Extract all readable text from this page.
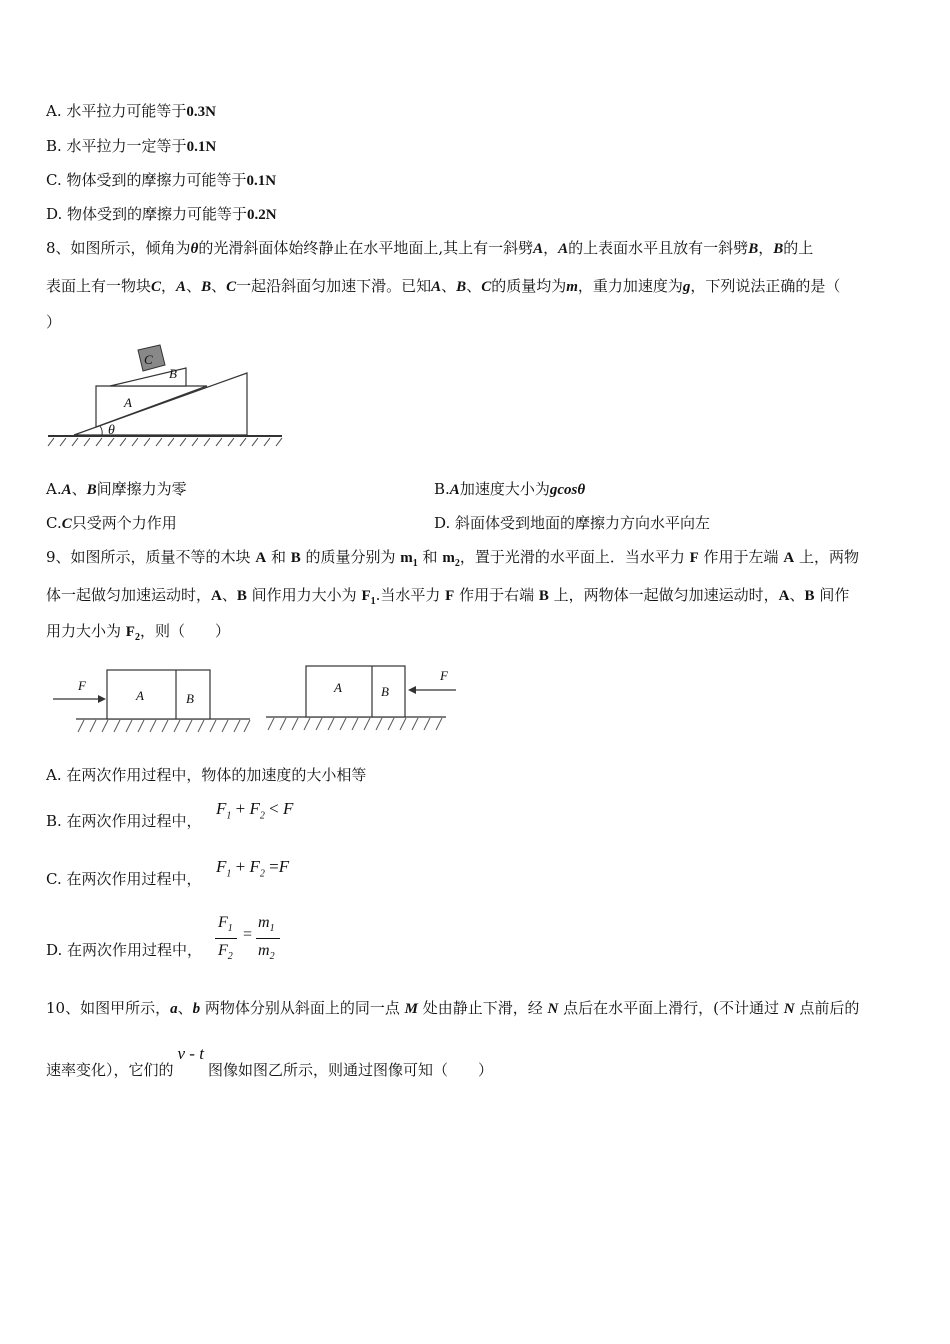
A. 水平拉力可能等于0.3N
B. 水平拉力一定等于0.1N
C. 物体受到的摩擦力可能等于0.1N
D. 物体受到的摩擦力可能等于0.2N
8、如图所示，倾角为θ的光滑斜面体始终静止在水平地面上,其上有一斜劈A，A的上表面水平且放有一斜劈B，B的上
表面上有一物块C，A、B、C一起沿斜面匀加速下滑。已知A、B、C的质量均为m，重力加速度为g，下列说法正确的是（
）
C
B
A
θ
A.A、B间摩擦力为零	B.A加速度大小为gcosθ
C.C只受两个力作用	D. 斜面体受到地面的摩擦力方向水平向左
9、如图所示，质量不等的木块 A 和 B 的质量分别为 $m_1$ 和 $m_2$，置于光滑的水平面上．当水平力 F 作用于左端 A 上，两物
体一起做匀加速运动时，A、B 间作用力大小为 $F_1$.当水平力 F 作用于右端 B 上，两物体一起做匀加速运动时，A、B 间作
用力大小为 $F_2$，则（　　）
A	B
F	A	B
F
A. 在两次作用过程中，物体的加速度的大小相等
B. 在两次作用过程中，
$F_1 + F_2 < F$
C. 在两次作用过程中，
$F_1 + F_2 =F$
D. 在两次作用过程中，
$F_1$
$F_2$
=
$m_1$
$m_2$
10、如图甲所示，a、b 两物体分别从斜面上的同一点 M 处由静止下滑，经 N 点后在水平面上滑行，(不计通过 N 点前后的
速率变化），它们的v - t图像如图乙所示，则通过图像可知（　　）
